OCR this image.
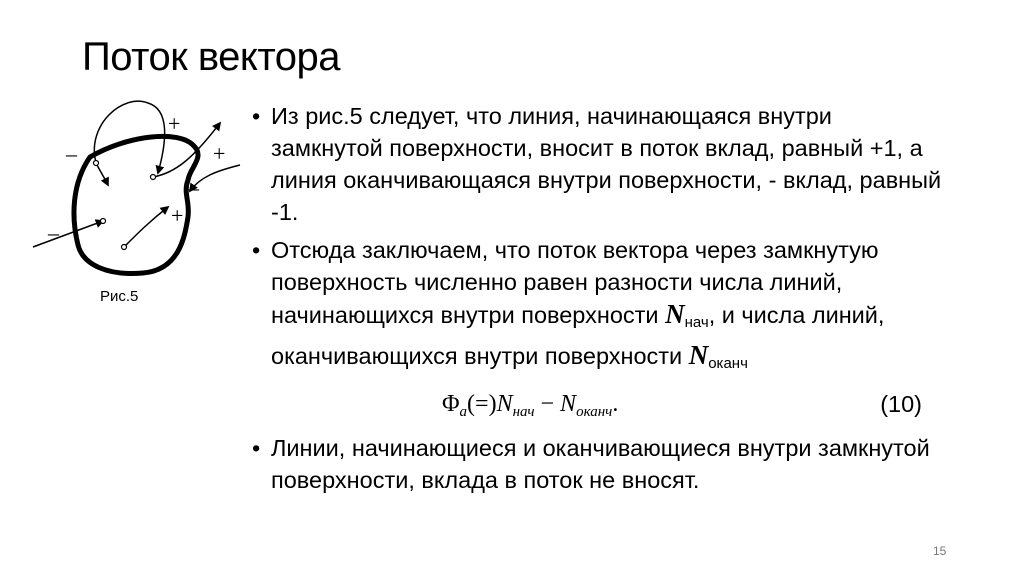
Поток вектора
+
+
+
–
–
–
Рис.5
• Из рис.5 следует, что линия, начинающаяся внутри замкнутой поверхности, вносит в поток вклад, равный +1, а линия оканчивающаяся внутри поверхности, - вклад, равный -1.
• Отсюда заключаем, что поток вектора через замкнутую поверхность численно равен разности числа линий, начинающихся внутри поверхности $N_{нач}$, и числа линий, оканчивающихся внутри поверхности $N_{оканч}$
$\Phi_a(=)N_{нач} - N_{оканч}$.	(10)
• Линии, начинающиеся и оканчивающиеся внутри замкнутой поверхности, вклада в поток не вносят.
15
